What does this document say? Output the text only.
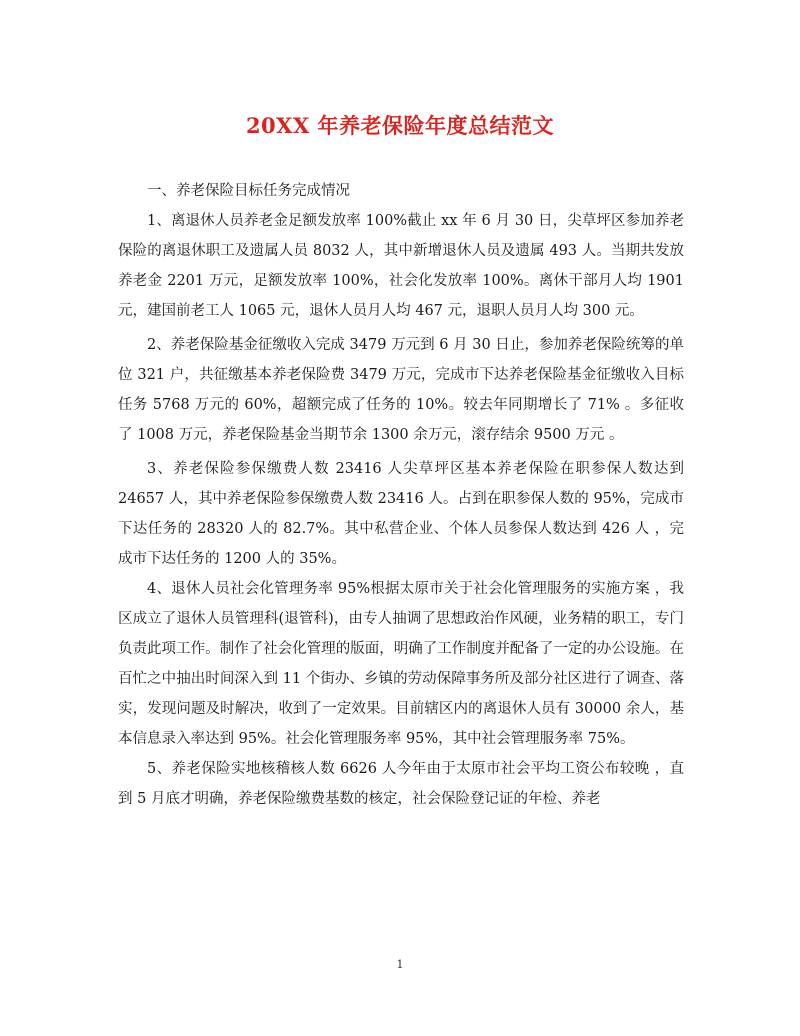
20XX 年养老保险年度总结范文

一、养老保险目标任务完成情况

1、离退休人员养老金足额发放率 100%截止 xx 年 6 月 30 日，尖草坪区参加养老保险的离退休职工及遗属人员 8032 人，其中新增退休人员及遗属 493 人。当期共发放养老金 2201 万元，足额发放率 100%，社会化发放率 100%。离休干部月人均 1901 元，建国前老工人 1065 元，退休人员月人均 467 元，退职人员月人均 300 元。

2、养老保险基金征缴收入完成 3479 万元到 6 月 30 日止，参加养老保险统筹的单位 321 户，共征缴基本养老保险费 3479 万元，完成市下达养老保险基金征缴收入目标任务 5768 万元的 60%，超额完成了任务的 10%。较去年同期增长了 71% 。多征收了 1008 万元，养老保险基金当期节余 1300 余万元，滚存结余 9500 万元 。

3、养老保险参保缴费人数 23416 人尖草坪区基本养老保险在职参保人数达到 24657 人，其中养老保险参保缴费人数 23416 人。占到在职参保人数的 95%，完成市下达任务的 28320 人的 82.7%。其中私营企业、个体人员参保人数达到 426 人 ，完成市下达任务的 1200 人的 35%。

4、退休人员社会化管理务率 95%根据太原市关于社会化管理服务的实施方案 ，我区成立了退休人员管理科(退管科)，由专人抽调了思想政治作风硬，业务精的职工，专门负责此项工作。制作了社会化管理的版面，明确了工作制度并配备了一定的办公设施。在百忙之中抽出时间深入到 11 个街办、乡镇的劳动保障事务所及部分社区进行了调查、落实，发现问题及时解决，收到了一定效果。目前辖区内的离退休人员有 30000 余人，基本信息录入率达到 95%。社会化管理服务率 95%，其中社会管理服务率 75%。

5、养老保险实地核稽核人数 6626 人今年由于太原市社会平均工资公布较晚 ，直到 5 月底才明确，养老保险缴费基数的核定，社会保险登记证的年检、养老

1
